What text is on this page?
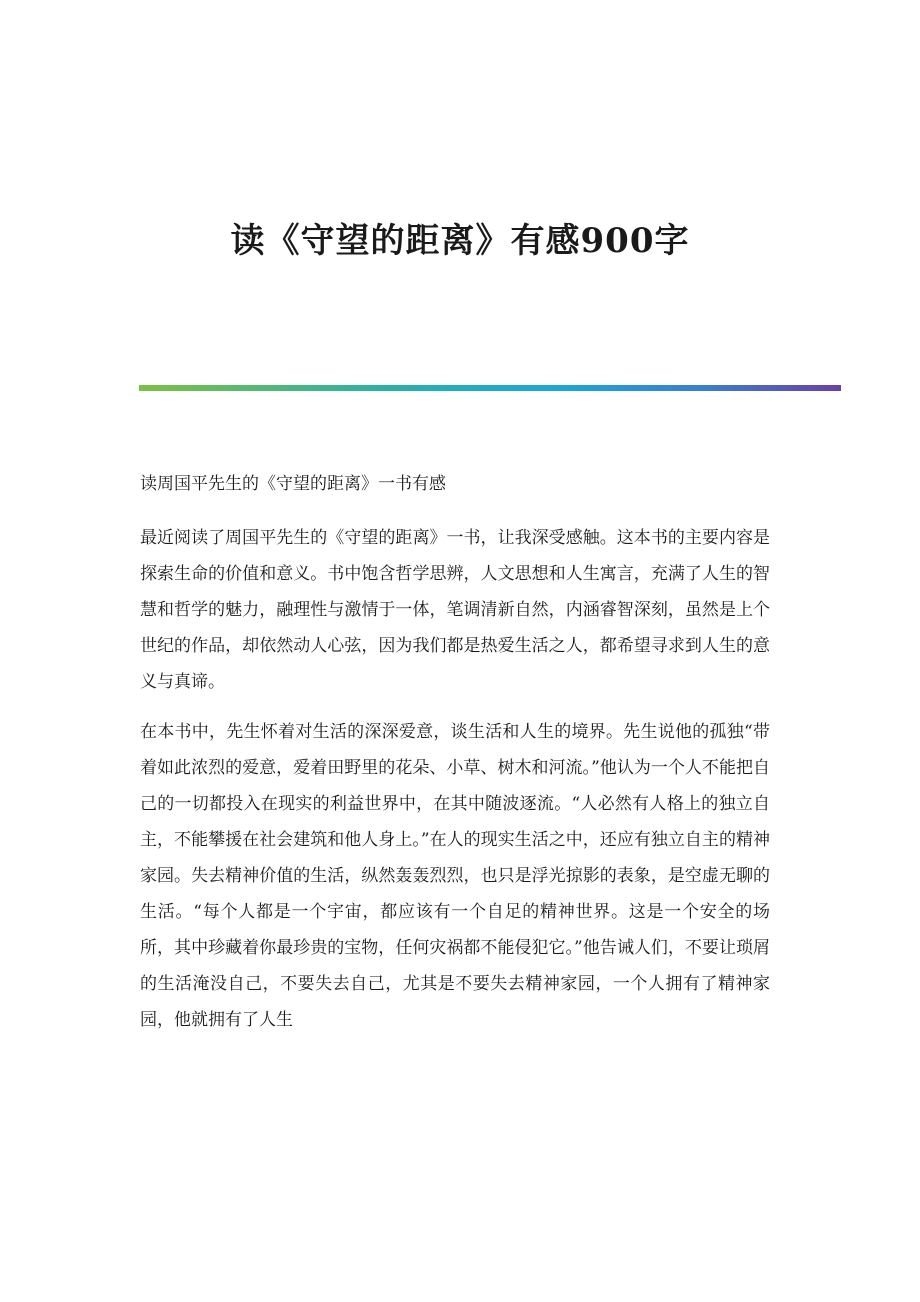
读《守望的距离》有感900字

读周国平先生的《守望的距离》一书有感

最近阅读了周国平先生的《守望的距离》一书，让我深受感触。这本书的主要内容是探索生命的价值和意义。书中饱含哲学思辨，人文思想和人生寓言，充满了人生的智慧和哲学的魅力，融理性与激情于一体，笔调清新自然，内涵睿智深刻，虽然是上个世纪的作品，却依然动人心弦，因为我们都是热爱生活之人，都希望寻求到人生的意义与真谛。

在本书中，先生怀着对生活的深深爱意，谈生活和人生的境界。先生说他的孤独“带着如此浓烈的爱意，爱着田野里的花朵、小草、树木和河流。”他认为一个人不能把自己的一切都投入在现实的利益世界中，在其中随波逐流。“人必然有人格上的独立自主，不能攀援在社会建筑和他人身上。”在人的现实生活之中，还应有独立自主的精神家园。失去精神价值的生活，纵然轰轰烈烈，也只是浮光掠影的表象，是空虚无聊的生活。“每个人都是一个宇宙，都应该有一个自足的精神世界。这是一个安全的场所，其中珍藏着你最珍贵的宝物，任何灾祸都不能侵犯它。”他告诫人们，不要让琐屑的生活淹没自己，不要失去自己，尤其是不要失去精神家园，一个人拥有了精神家园，他就拥有了人生
